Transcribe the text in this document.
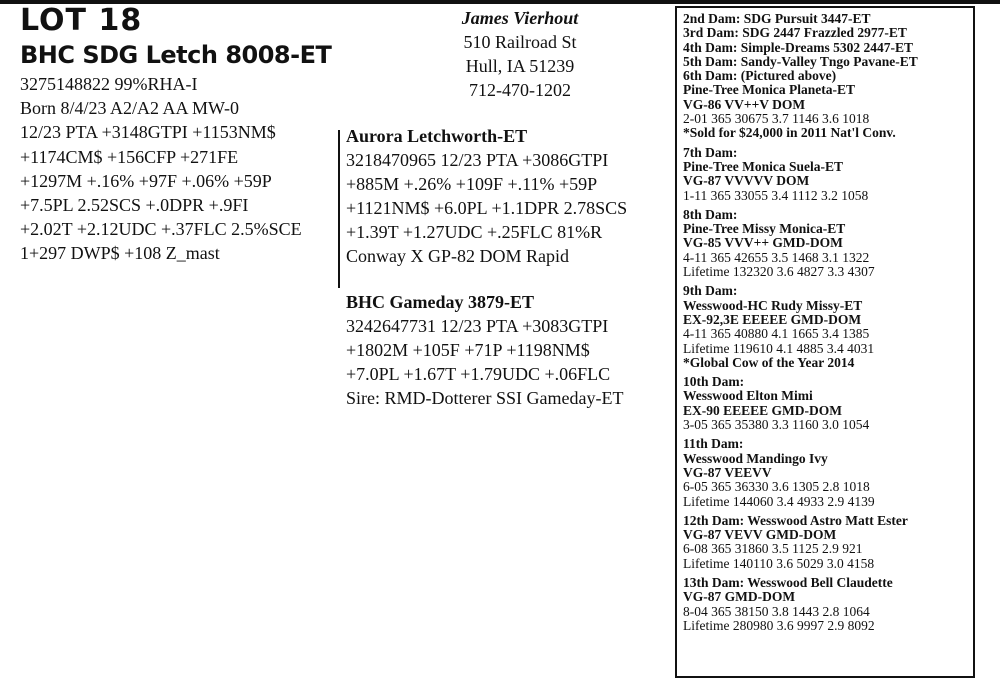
LOT 18
BHC SDG Letch 8008-ET
3275148822 99%RHA-I
Born 8/4/23 A2/A2 AA MW-0
12/23 PTA +3148GTPI +1153NM$
+1174CM$ +156CFP +271FE
+1297M +.16% +97F +.06% +59P
+7.5PL 2.52SCS +.0DPR +.9FI
+2.02T +2.12UDC +.37FLC 2.5%SCE
1+297 DWP$ +108 Z_mast
James Vierhout
510 Railroad St
Hull, IA 51239
712-470-1202
Aurora Letchworth-ET
3218470965 12/23 PTA +3086GTPI
+885M +.26% +109F +.11% +59P
+1121NM$ +6.0PL +1.1DPR 2.78SCS
+1.39T +1.27UDC +.25FLC 81%R
Conway X GP-82 DOM Rapid
BHC Gameday 3879-ET
3242647731 12/23 PTA +3083GTPI
+1802M +105F +71P +1198NM$
+7.0PL +1.67T +1.79UDC +.06FLC
Sire: RMD-Dotterer SSI Gameday-ET
2nd Dam: SDG Pursuit 3447-ET
3rd Dam: SDG 2447 Frazzled 2977-ET
4th Dam: Simple-Dreams 5302 2447-ET
5th Dam: Sandy-Valley Tngo Pavane-ET
6th Dam: (Pictured above)
Pine-Tree Monica Planeta-ET
VG-86 VV++V DOM
2-01 365 30675 3.7 1146 3.6 1018
*Sold for $24,000 in 2011 Nat'l Conv.
7th Dam:
Pine-Tree Monica Suela-ET
VG-87 VVVVV DOM
1-11 365 33055 3.4 1112 3.2 1058
8th Dam:
Pine-Tree Missy Monica-ET
VG-85 VVV++ GMD-DOM
4-11 365 42655 3.5 1468 3.1 1322
Lifetime 132320 3.6 4827 3.3 4307
9th Dam:
Wesswood-HC Rudy Missy-ET
EX-92,3E EEEEE GMD-DOM
4-11 365 40880 4.1 1665 3.4 1385
Lifetime 119610 4.1 4885 3.4 4031
*Global Cow of the Year 2014
10th Dam:
Wesswood Elton Mimi
EX-90 EEEEE GMD-DOM
3-05 365 35380 3.3 1160 3.0 1054
11th Dam:
Wesswood Mandingo Ivy
VG-87 VEEVV
6-05 365 36330 3.6 1305 2.8 1018
Lifetime 144060 3.4 4933 2.9 4139
12th Dam: Wesswood Astro Matt Ester
VG-87 VEVV GMD-DOM
6-08 365 31860 3.5 1125 2.9 921
Lifetime 140110 3.6 5029 3.0 4158
13th Dam: Wesswood Bell Claudette
VG-87 GMD-DOM
8-04 365 38150 3.8 1443 2.8 1064
Lifetime 280980 3.6 9997 2.9 8092
